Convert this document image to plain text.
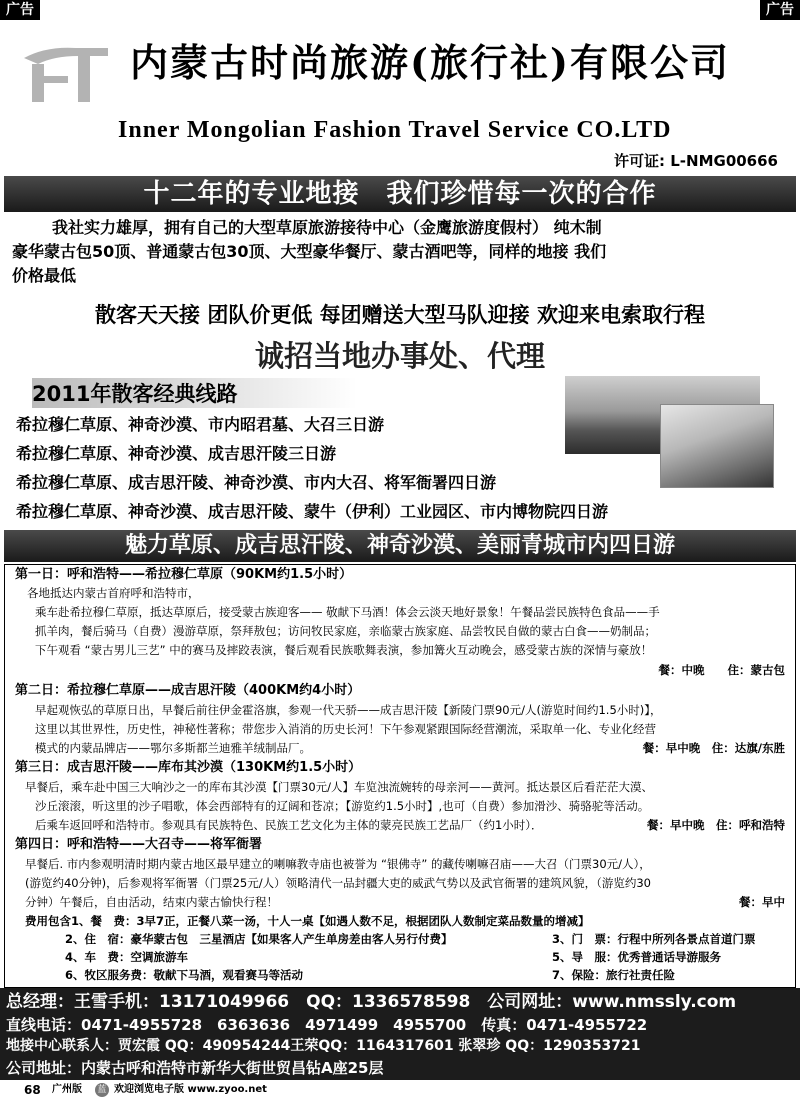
广告	广告
内蒙古时尚旅游(旅行社)有限公司
Inner Mongolian Fashion Travel Service CO.LTD
许可证: L-NMG00666
十二年的专业地接　我们珍惜每一次的合作
我社实力雄厚，拥有自己的大型草原旅游接待中心（金鹰旅游度假村） 纯木制
豪华蒙古包50顶、普通蒙古包30顶、大型豪华餐厅、蒙古酒吧等，同样的地接 我们
价格最低
散客天天接 团队价更低 每团赠送大型马队迎接 欢迎来电索取行程
诚招当地办事处、代理
2011年散客经典线路
希拉穆仁草原、神奇沙漠、市内昭君墓、大召三日游
希拉穆仁草原、神奇沙漠、成吉思汗陵三日游
希拉穆仁草原、成吉思汗陵、神奇沙漠、市内大召、将军衙署四日游
希拉穆仁草原、神奇沙漠、成吉思汗陵、蒙牛（伊利）工业园区、市内博物院四日游
魅力草原、成吉思汗陵、神奇沙漠、美丽青城市内四日游
第一日：呼和浩特——希拉穆仁草原（90KM约1.5小时）
各地抵达内蒙古首府呼和浩特市，
乘车赴希拉穆仁草原，抵达草原后，接受蒙古族迎客—— 敬献下马酒！体会云淡天地好景象！午餐品尝民族特色食品——手
抓羊肉，餐后骑马（自费）漫游草原，祭拜敖包；访问牧民家庭，亲临蒙古族家庭、品尝牧民自做的蒙古白食——奶制品；
下午观看 “蒙古男儿三艺” 中的赛马及摔跤表演，餐后观看民族歌舞表演，参加篝火互动晚会，感受蒙古族的深情与豪放！
餐：中晚　　住：蒙古包
第二日：希拉穆仁草原——成吉思汗陵（400KM约4小时）
早起观恢弘的草原日出，早餐后前往伊金霍洛旗，参观一代天骄——成吉思汗陵【新陵门票90元/人(游览时间约1.5小时)】，
这里以其世界性，历史性，神秘性著称；带您步入消消的历史长河！下午参观紧跟国际经营潮流，采取单一化、专业化经营
模式的内蒙品牌店——鄂尔多斯都兰迪雅羊绒制品厂。	餐：早中晚　住：达旗/东胜
第三日：成吉思汗陵——库布其沙漠（130KM约1.5小时）
早餐后，乘车赴中国三大响沙之一的库布其沙漠【门票30元/人】车览浊流婉转的母亲河——黄河。抵达景区后看茫茫大漠、
沙丘滚滚，听这里的沙子唱歌，体会西部特有的辽阔和苍凉；【游览约1.5小时】,也可（自费）参加滑沙、骑骆驼等活动。
后乘车返回呼和浩特市。参观具有民族特色、民族工艺文化为主体的蒙亮民族工艺品厂（约1小时）．	餐：早中晚　住：呼和浩特
第四日：呼和浩特——大召寺——将军衙署
早餐后. 市内参观明清时期内蒙古地区最早建立的喇嘛教寺庙也被誉为 “银佛寺” 的藏传喇嘛召庙——大召（门票30元/人），
(游览约40分钟)，后参观将军衙署（门票25元/人）领略清代一品封疆大吏的威武气势以及武官衙署的建筑风貌，（游览约30
分钟）午餐后，自由活动，结束内蒙古愉快行程！	餐：早中
费用包含1、餐　费：3早7正，正餐八菜一汤，十人一桌【如遇人数不足，根据团队人数制定菜品数量的增减】
2、住　宿：豪华蒙古包　三星酒店【如果客人产生单房差由客人另行付费】	3、门　票：行程中所列各景点首道门票
4、车　费：空调旅游车	5、导　服：优秀普通话导游服务
6、牧区服务费：敬献下马酒，观看赛马等活动	7、保险：旅行社责任险
总经理：王雪手机：13171049966　QQ：1336578598　公司网址：www.nmssly.com
直线电话：0471-4955728　6363636　4971499　4955700　传真：0471-4955722
地接中心联系人：贾宏霞 QQ：490954244王荣QQ：1164317601 张翠珍 QQ：1290353721
公司地址：内蒙古呼和浩特市新华大街世贸昌钻A座25层
68 广州版 蓝 欢迎浏览电子版 www.zyoo.net
